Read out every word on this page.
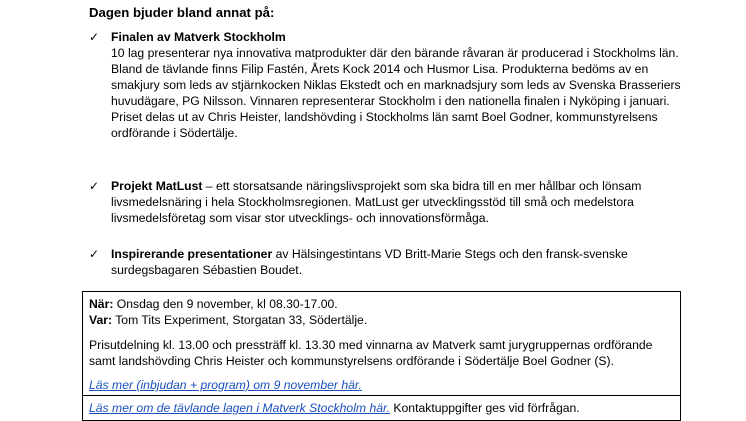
Dagen bjuder bland annat på:
✓ Finalen av Matverk Stockholm

10 lag presenterar nya innovativa matprodukter där den bärande råvaran är producerad i Stockholms län. Bland de tävlande finns Filip Fastén, Årets Kock 2014 och Husmor Lisa. Produkterna bedöms av en smakjury som leds av stjärnkocken Niklas Ekstedt och en marknadsjury som leds av Svenska Brasseriers huvudägare, PG Nilsson. Vinnaren representerar Stockholm i den nationella finalen i Nyköping i januari.

Priset delas ut av Chris Heister, landshövding i Stockholms län samt Boel Godner, kommunstyrelsens ordförande i Södertälje.

✓ Projekt MatLust – ett storsatsande näringslivsprojekt som ska bidra till en mer hållbar och lönsam livsmedelsnäring i hela Stockholmsregionen. MatLust ger utvecklingsstöd till små och medelstora livsmedelsföretag som visar stor utvecklings- och innovationsförmåga.

✓ Inspirerande presentationer av Hälsingestintans VD Britt-Marie Stegs och den fransk-svenske surdegsbagaren Sébastien Boudet.

När: Onsdag den 9 november, kl 08.30-17.00.
Var: Tom Tits Experiment, Storgatan 33, Södertälje.
Prisutdelning kl. 13.00 och pressträff kl. 13.30 med vinnarna av Matverk samt jurygruppernas ordförande
samt landshövding Chris Heister och kommunstyrelsens ordförande i Södertälje Boel Godner (S).
Läs mer (inbjudan + program) om 9 november här.
Läs mer om de tävlande lagen i Matverk Stockholm här. Kontaktuppgifter ges vid förfrågan.
